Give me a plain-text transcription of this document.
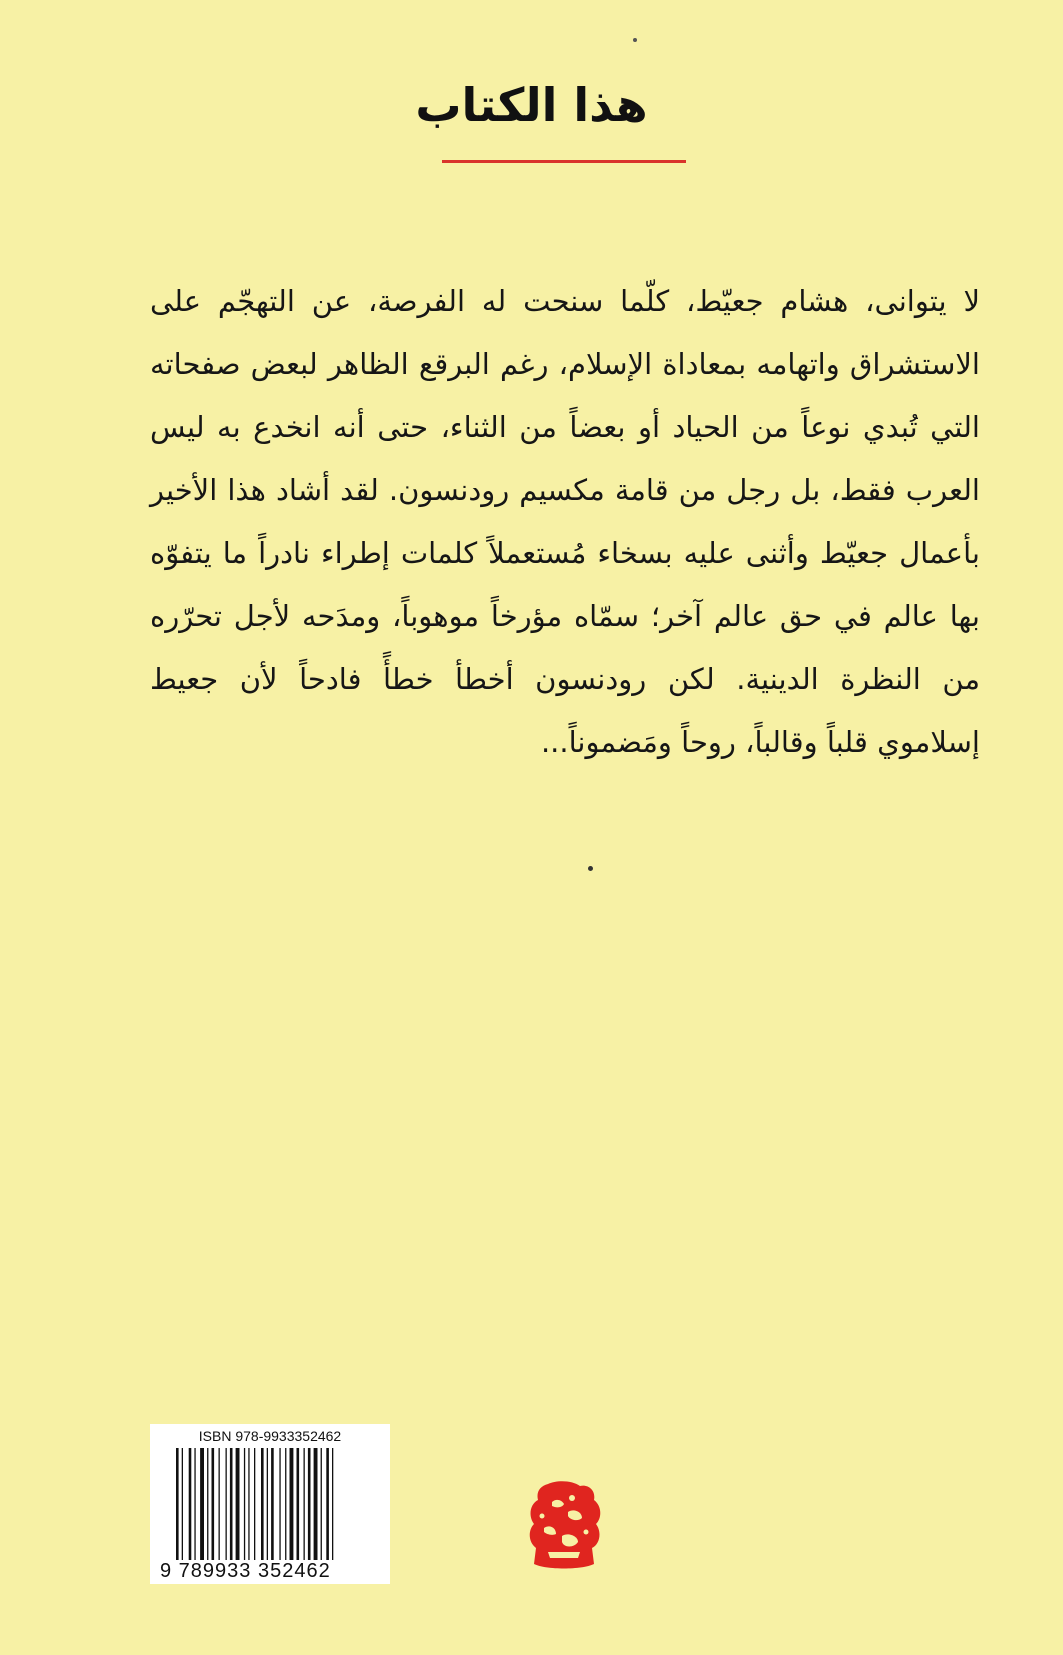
هذا الكتاب

لا يتوانى، هشام جعيّط، كلّما سنحت له الفرصة، عن التهجّم على الاستشراق واتهامه بمعاداة الإسلام، رغم البرقع الظاهر لبعض صفحاته التي تُبدي نوعاً من الحياد أو بعضاً من الثناء، حتى أنه انخدع به ليس العرب فقط، بل رجل من قامة مكسيم رودنسون. لقد أشاد هذا الأخير بأعمال جعيّط وأثنى عليه بسخاء مُستعملاً كلمات إطراء نادراً ما يتفوّه بها عالم في حق عالم آخر؛ سمّاه مؤرخاً موهوباً، ومدَحه لأجل تحرّره من النظرة الدينية. لكن رودنسون أخطأ خطأً فادحاً لأن جعيط إسلاموي قلباً وقالباً، روحاً ومَضموناً...

ISBN 978-9933352462
9 789933 352462
